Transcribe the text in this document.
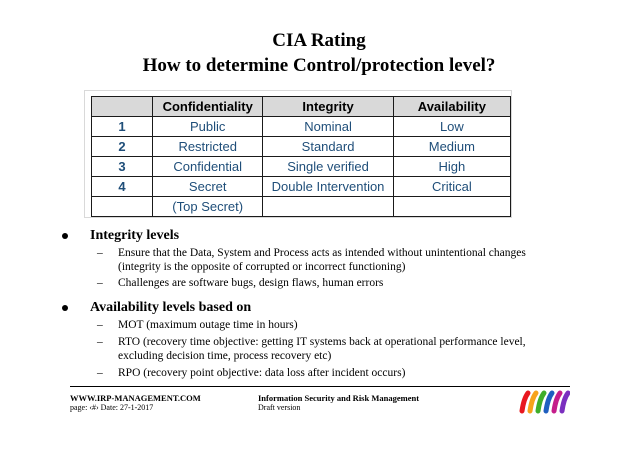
CIA Rating
How to determine Control/protection level?
	Confidentiality	Integrity	Availability
1	Public	Nominal	Low
2	Restricted	Standard	Medium
3	Confidential	Single verified	High
4	Secret	Double Intervention	Critical
	(Top Secret)		
Integrity levels
– Ensure that the Data, System and Process acts as intended without unintentional changes
(integrity is the opposite of corrupted or incorrect functioning)
– Challenges are software bugs, design flaws, human errors
Availability levels based on
– MOT (maximum outage time in hours)
– RTO (recovery time objective: getting IT systems back at operational performance level,
excluding decision time, process recovery etc)
– RPO (recovery point objective: data loss after incident occurs)
WWW.IRP-MANAGEMENT.COM
page: ‹#› Date: 27-1-2017
Information Security and Risk Management
Draft version
